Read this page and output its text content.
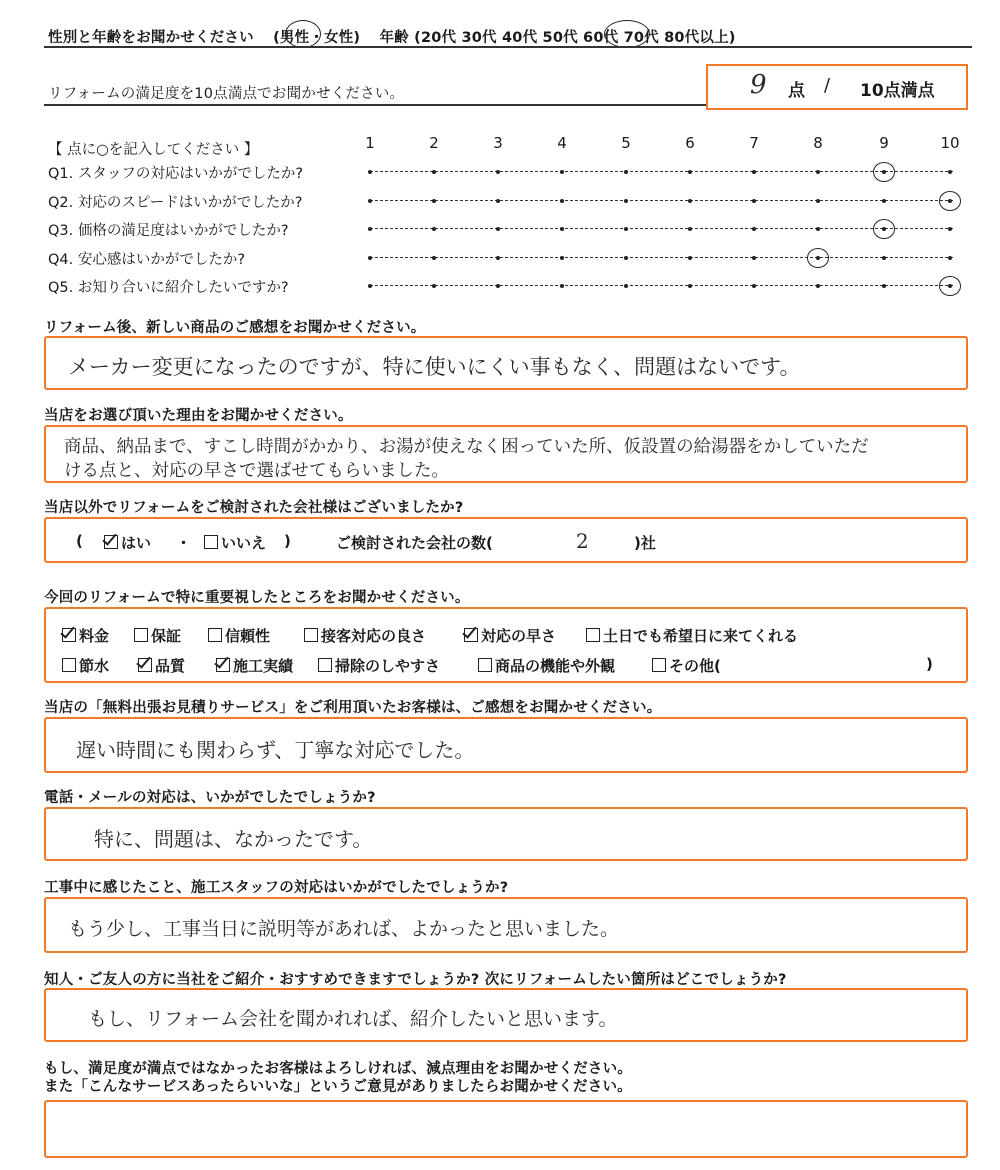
性別と年齢をお聞かせください (男性・女性) 年齢 (20代 30代 40代 50代 60代 70代 80代以上)
リフォームの満足度を10点満点でお聞かせください。	9 点 / 10点満点
【 点に○を記入してください 】	1	2	3	4	5	6	7	8	9	10
Q1. スタッフの対応はいかがでしたか?
Q2. 対応のスピードはいかがでしたか?
Q3. 価格の満足度はいかがでしたか?
Q4. 安心感はいかがでしたか?
Q5. お知り合いに紹介したいですか?
リフォーム後、新しい商品のご感想をお聞かせください。
メーカー変更になったのですが、特に使いにくい事もなく、問題はないです。
当店をお選び頂いた理由をお聞かせください。
商品、納品まで、すこし時間がかかり、お湯が使えなく困っていた所、仮設置の給湯器をかしていただ
ける点と、対応の早さで選ばせてもらいました。
当店以外でリフォームをご検討された会社様はございましたか?
(	はい ・	いいえ )	ご検討された会社の数(	2	)社
今回のリフォームで特に重要視したところをお聞かせください。
料金	保証	信頼性	接客対応の良さ	対応の早さ	土日でも希望日に来てくれる
節水	品質	施工実績	掃除のしやすさ	商品の機能や外観	その他(	)
当店の「無料出張お見積りサービス」をご利用頂いたお客様は、ご感想をお聞かせください。
遅い時間にも関わらず、丁寧な対応でした。
電話・メールの対応は、いかがでしたでしょうか?
特に、問題は、なかったです。
工事中に感じたこと、施工スタッフの対応はいかがでしたでしょうか?
もう少し、工事当日に説明等があれば、よかったと思いました。
知人・ご友人の方に当社をご紹介・おすすめできますでしょうか? 次にリフォームしたい箇所はどこでしょうか?
もし、リフォーム会社を聞かれれば、紹介したいと思います。
もし、満足度が満点ではなかったお客様はよろしければ、減点理由をお聞かせください。
また「こんなサービスあったらいいな」というご意見がありましたらお聞かせください。
